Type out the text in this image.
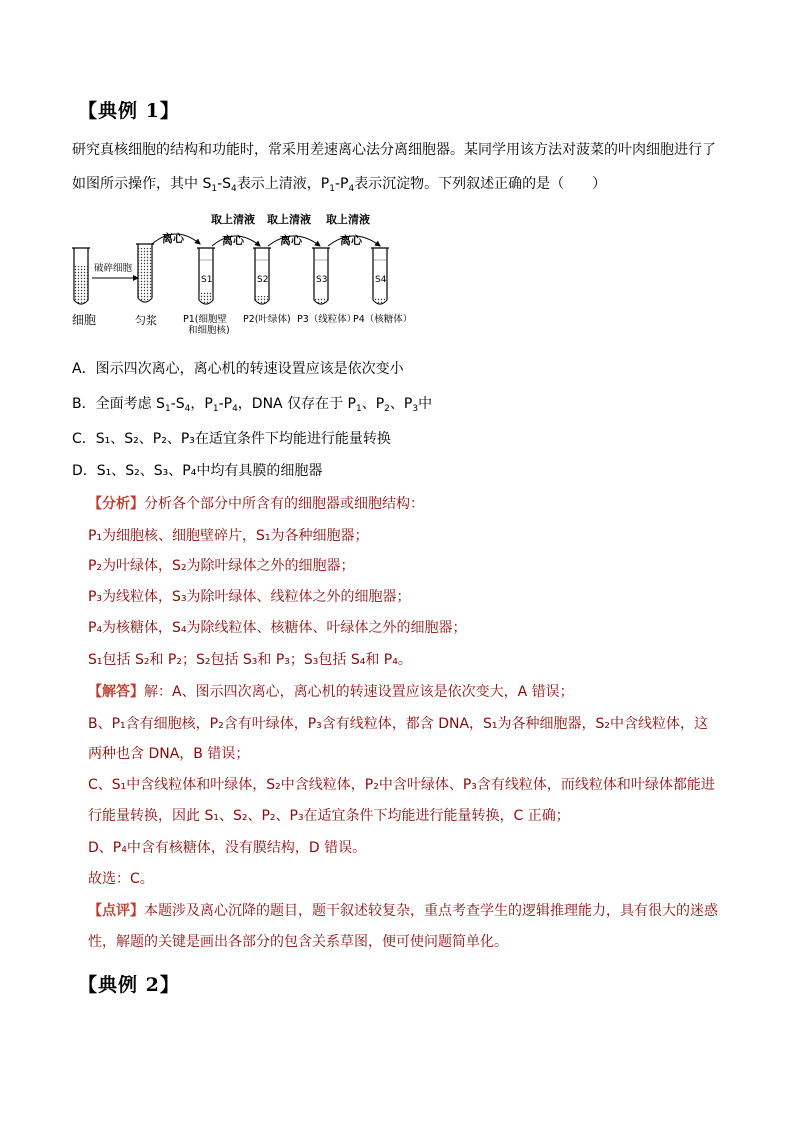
【典例 1】
研究真核细胞的结构和功能时，常采用差速离心法分离细胞器。某同学用该方法对菠菜的叶肉细胞进行了
如图所示操作，其中 $S_1-S_4$表示上清液，$P_1-P_4$表示沉淀物。下列叙述正确的是（　　）
细胞
破碎细胞
匀浆
离心
取上清液
离心
取上清液
离心
取上清液
离心
S1
P1(细胞壁
和细胞核)
S2
P2(叶绿体)
S3
P3（线粒体）
S4
P4（核糖体）
A．图示四次离心，离心机的转速设置应该是依次变小
B．全面考虑 $S_1-S_4$，$P_1-P_4$，DNA 仅存在于 $P_1$、$P_2$、$P_3$中
C．S₁、S₂、P₂、P₃在适宜条件下均能进行能量转换
D．S₁、S₂、S₃、P₄中均有具膜的细胞器
【分析】分析各个部分中所含有的细胞器或细胞结构：
P₁为细胞核、细胞壁碎片，S₁为各种细胞器；
P₂为叶绿体，S₂为除叶绿体之外的细胞器；
P₃为线粒体，S₃为除叶绿体、线粒体之外的细胞器；
P₄为核糖体，S₄为除线粒体、核糖体、叶绿体之外的细胞器；
S₁包括 S₂和 P₂；S₂包括 S₃和 P₃；S₃包括 S₄和 P₄。
【解答】解：A、图示四次离心，离心机的转速设置应该是依次变大，A 错误；
B、P₁含有细胞核，P₂含有叶绿体，P₃含有线粒体，都含 DNA，S₁为各种细胞器，S₂中含线粒体，这
两种也含 DNA，B 错误；
C、S₁中含线粒体和叶绿体，S₂中含线粒体，P₂中含叶绿体、P₃含有线粒体，而线粒体和叶绿体都能进
行能量转换，因此 S₁、S₂、P₂、P₃在适宜条件下均能进行能量转换，C 正确；
D、P₄中含有核糖体，没有膜结构，D 错误。
故选：C。
【点评】本题涉及离心沉降的题目，题干叙述较复杂，重点考查学生的逻辑推理能力，具有很大的迷惑
性，解题的关键是画出各部分的包含关系草图，便可使问题简单化。
【典例 2】
